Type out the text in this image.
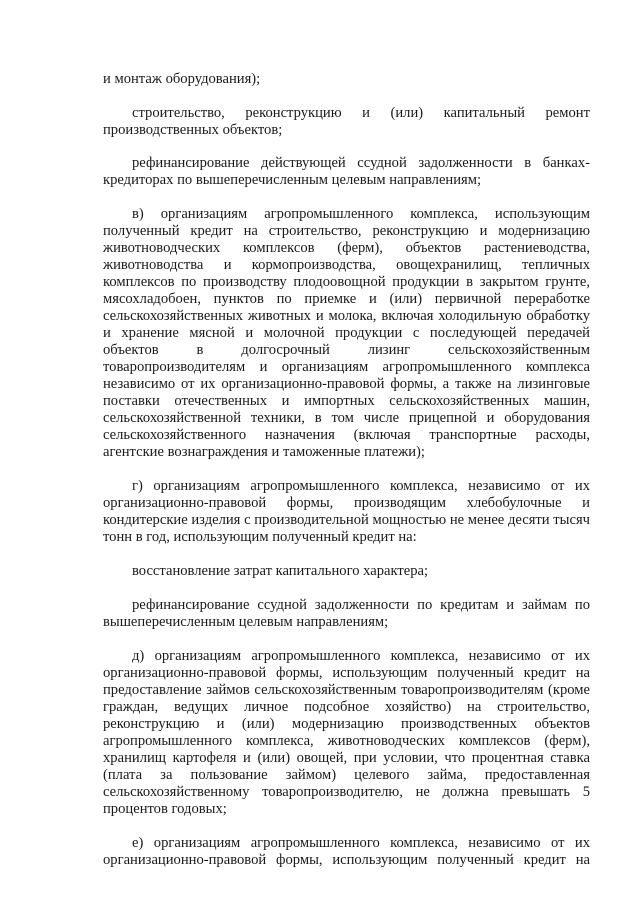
и монтаж оборудования);
строительство, реконструкцию и (или) капитальный ремонт
производственных объектов;
рефинансирование действующей ссудной задолженности в банках-
кредиторах по вышеперечисленным целевым направлениям;
в) организациям агропромышленного комплекса, использующим
полученный кредит на строительство, реконструкцию и модернизацию
животноводческих комплексов (ферм), объектов растениеводства,
животноводства и кормопроизводства, овощехранилищ, тепличных
комплексов по производству плодоовощной продукции в закрытом грунте,
мясохладобоен, пунктов по приемке и (или) первичной переработке
сельскохозяйственных животных и молока, включая холодильную обработку
и хранение мясной и молочной продукции с последующей передачей
объектов в долгосрочный лизинг сельскохозяйственным
товаропроизводителям и организациям агропромышленного комплекса
независимо от их организационно-правовой формы, а также на лизинговые
поставки отечественных и импортных сельскохозяйственных машин,
сельскохозяйственной техники, в том числе прицепной и оборудования
сельскохозяйственного назначения (включая транспортные расходы,
агентские вознаграждения и таможенные платежи);
г) организациям агропромышленного комплекса, независимо от их
организационно-правовой формы, производящим хлебобулочные и
кондитерские изделия с производительной мощностью не менее десяти тысяч
тонн в год, использующим полученный кредит на:
восстановление затрат капитального характера;
рефинансирование ссудной задолженности по кредитам и займам по
вышеперечисленным целевым направлениям;
д) организациям агропромышленного комплекса, независимо от их
организационно-правовой формы, использующим полученный кредит на
предоставление займов сельскохозяйственным товаропроизводителям (кроме
граждан, ведущих личное подсобное хозяйство) на строительство,
реконструкцию и (или) модернизацию производственных объектов
агропромышленного комплекса, животноводческих комплексов (ферм),
хранилищ картофеля и (или) овощей, при условии, что процентная ставка
(плата за пользование займом) целевого займа, предоставленная
сельскохозяйственному товаропроизводителю, не должна превышать 5
процентов годовых;
е) организациям агропромышленного комплекса, независимо от их
организационно-правовой формы, использующим полученный кредит на
